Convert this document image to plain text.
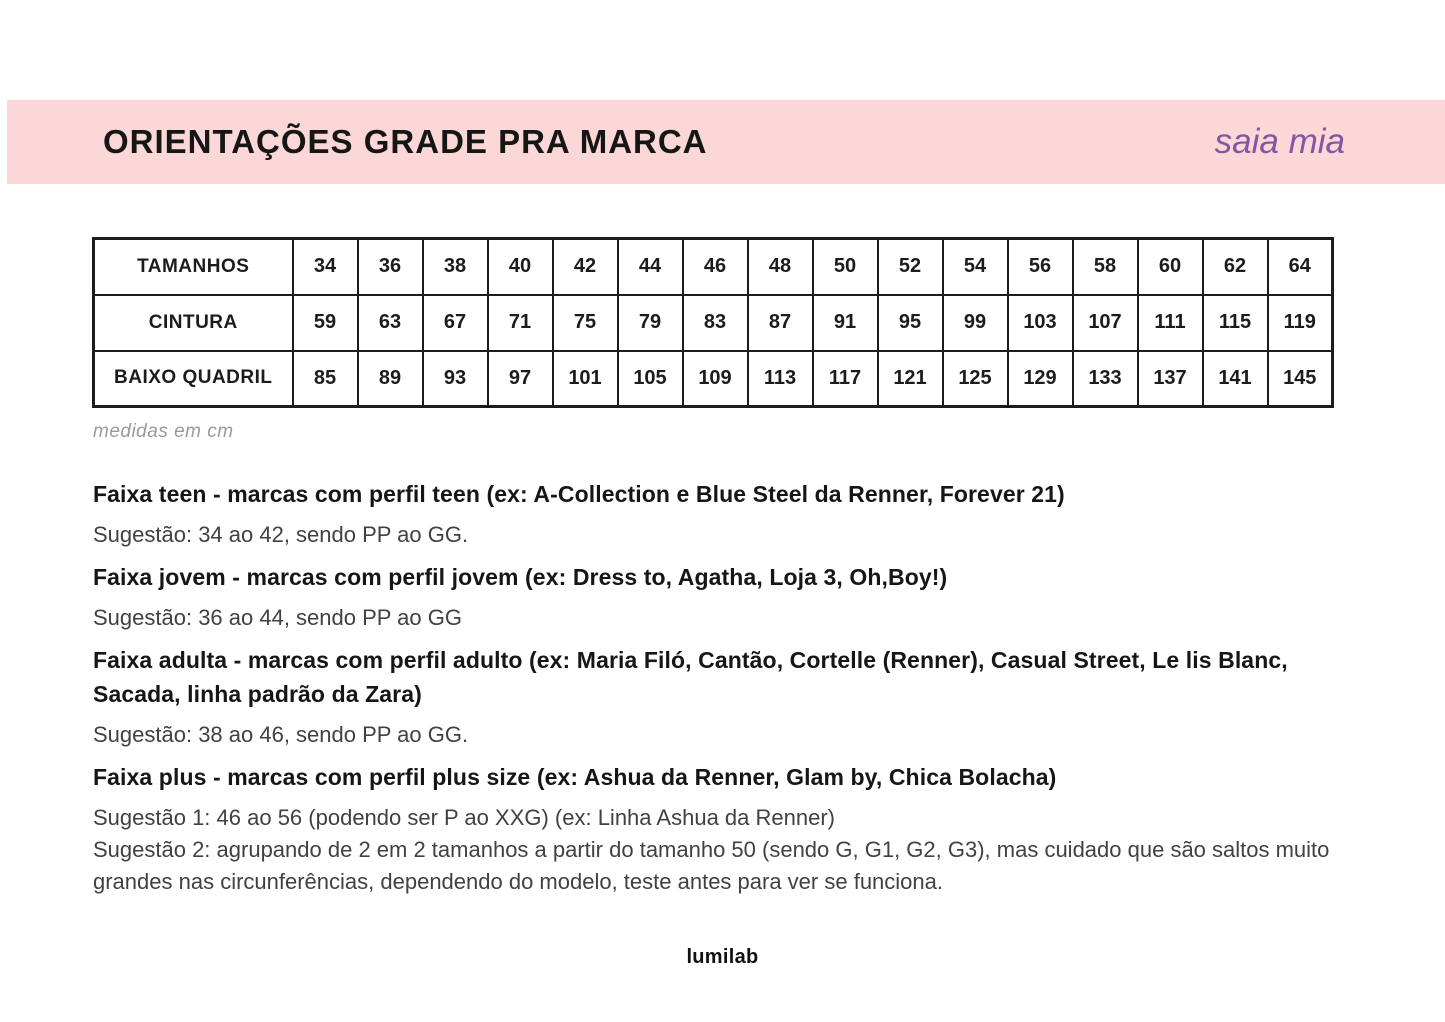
ORIENTAÇÕES GRADE PRA MARCA	saia mia
TAMANHOS	34	36	38	40	42	44	46	48	50	52	54	56	58	60	62	64
CINTURA	59	63	67	71	75	79	83	87	91	95	99	103	107	111	115	119
BAIXO QUADRIL	85	89	93	97	101	105	109	113	117	121	125	129	133	137	141	145
medidas em cm

Faixa teen - marcas com perfil teen (ex: A-Collection e Blue Steel da Renner, Forever 21)

Sugestão: 34 ao 42, sendo PP ao GG.

Faixa jovem - marcas com perfil jovem (ex: Dress to, Agatha, Loja 3, Oh,Boy!)

Sugestão: 36 ao 44, sendo PP ao GG

Faixa adulta - marcas com perfil adulto (ex: Maria Filó, Cantão, Cortelle (Renner), Casual Street, Le lis Blanc, Sacada, linha padrão da Zara)

Sugestão: 38 ao 46, sendo PP ao GG.

Faixa plus - marcas com perfil plus size (ex: Ashua da Renner, Glam by, Chica Bolacha)

Sugestão 1: 46 ao 56 (podendo ser P ao XXG) (ex: Linha Ashua da Renner)

Sugestão 2: agrupando de 2 em 2 tamanhos a partir do tamanho 50 (sendo G, G1, G2, G3), mas cuidado que são saltos muito grandes nas circunferências, dependendo do modelo, teste antes para ver se funciona.

lumilab
